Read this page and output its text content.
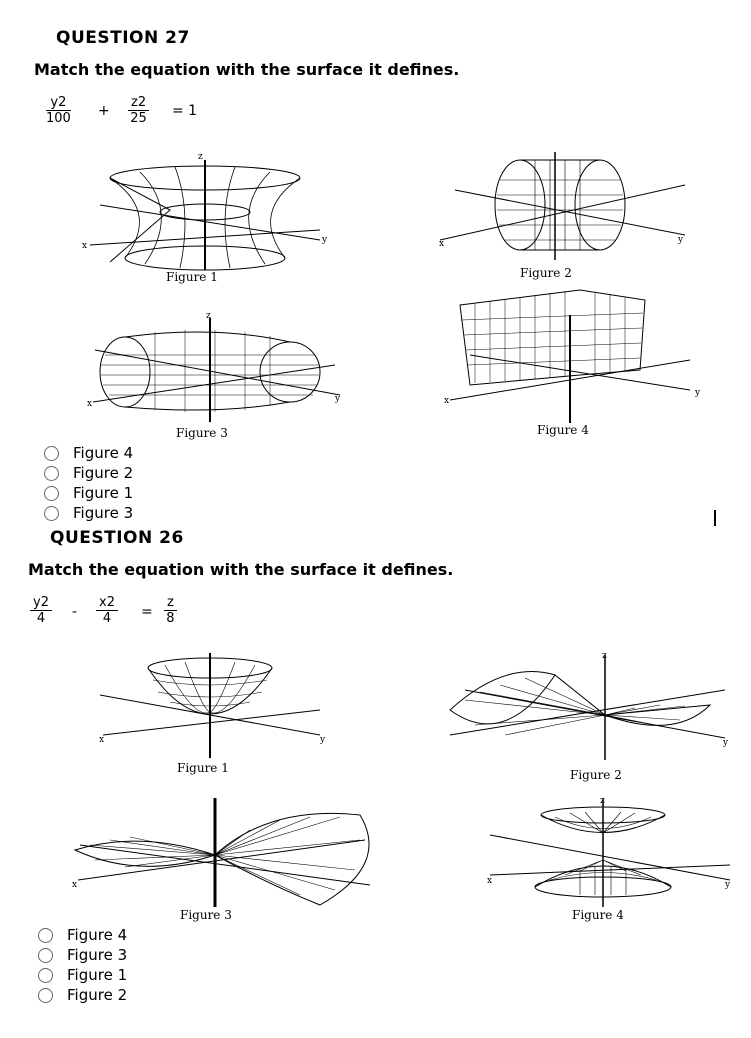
QUESTION 27
Match the equation with the surface it defines.
y2
100 +
z2
25 = 1
z
x
y
Figure 1
x	y
Figure 2
z
x	y
Figure 3
x
y
Figure 4
Figure 4
Figure 2
Figure 1
Figure 3
QUESTION 26
Match the equation with the surface it defines.
y2
4 -
x2
4 =
z
8
x	y
Figure 1
z
y
Figure 2
x
Figure 3
z
x	y
Figure 4
Figure 4
Figure 3
Figure 1
Figure 2
